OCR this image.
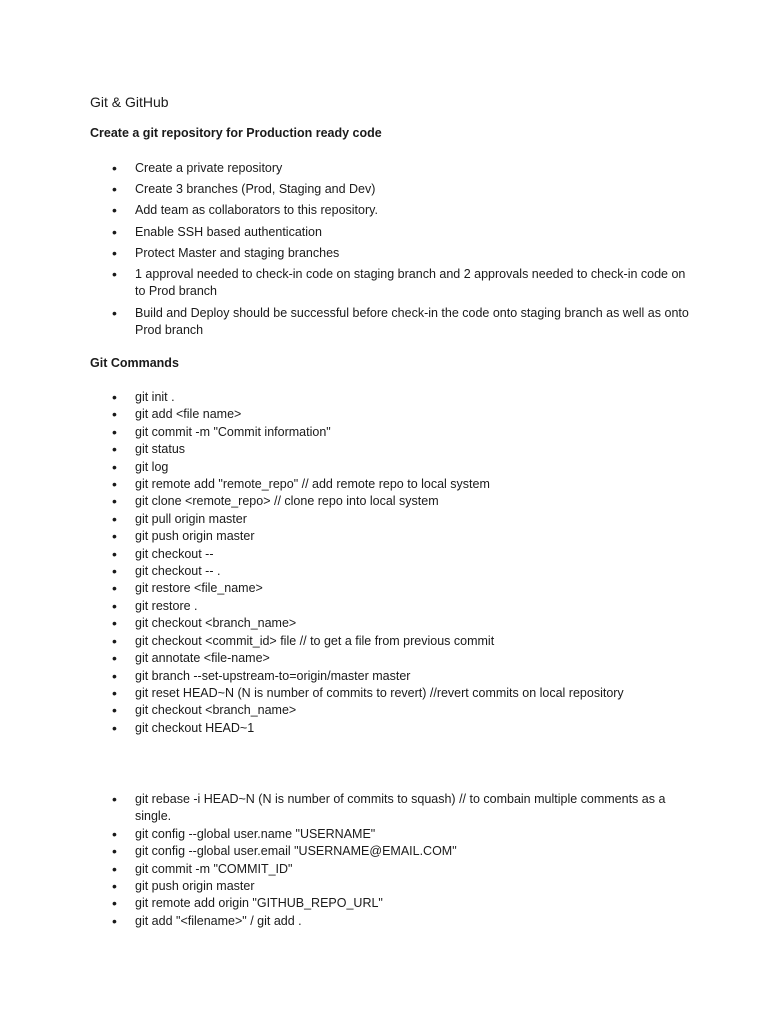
Git & GitHub
Create a git repository for Production ready code
• Create a private repository
• Create 3 branches (Prod, Staging and Dev)
• Add team as collaborators to this repository.
• Enable SSH based authentication
• Protect Master and staging branches
• 1 approval needed to check-in code on staging branch and 2 approvals needed to check-in code on to Prod branch
• Build and Deploy should be successful before check-in the code onto staging branch as well as onto Prod branch
Git Commands
• git init .
• git add <file name>
• git commit -m "Commit information"
• git status
• git log
• git remote add "remote_repo" // add remote repo to local system
• git clone <remote_repo> // clone repo into local system
• git pull origin master
• git push origin master
• git checkout --
• git checkout -- .
• git restore <file_name>
• git restore .
• git checkout <branch_name>
• git checkout <commit_id> file // to get a file from previous commit
• git annotate <file-name>
• git branch --set-upstream-to=origin/master master
• git reset HEAD~N (N is number of commits to revert) //revert commits on local repository
• git checkout <branch_name>
• git checkout HEAD~1
• git rebase -i HEAD~N (N is number of commits to squash) // to combain multiple comments as a single.
• git config --global user.name "USERNAME"
• git config --global user.email "USERNAME@EMAIL.COM"
• git commit -m "COMMIT_ID"
• git push origin master
• git remote add origin "GITHUB_REPO_URL"
• git add "<filename>" / git add .
